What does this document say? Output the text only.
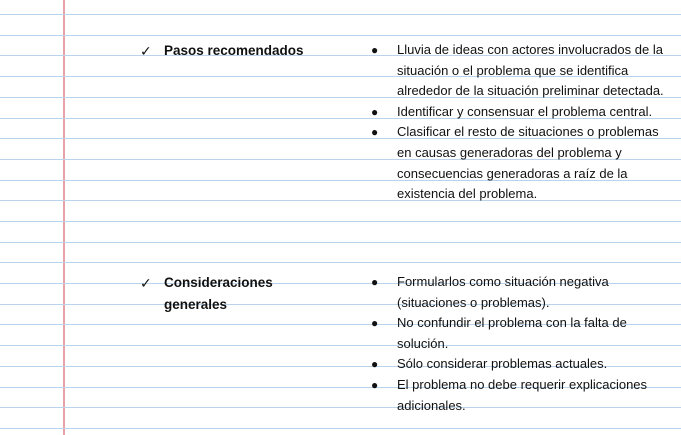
✓ Pasos recomendados	● Lluvia de ideas con actores involucrados de la situación o el problema que se identifica alrededor de la situación preliminar detectada.
● Identificar y consensuar el problema central.
● Clasificar el resto de situaciones o problemas en causas generadoras del problema y consecuencias generadoras a raíz de la existencia del problema.
✓ Consideraciones generales
● Formularlos como situación negativa (situaciones o problemas).
● No confundir el problema con la falta de solución.
● Sólo considerar problemas actuales.
● El problema no debe requerir explicaciones adicionales.
